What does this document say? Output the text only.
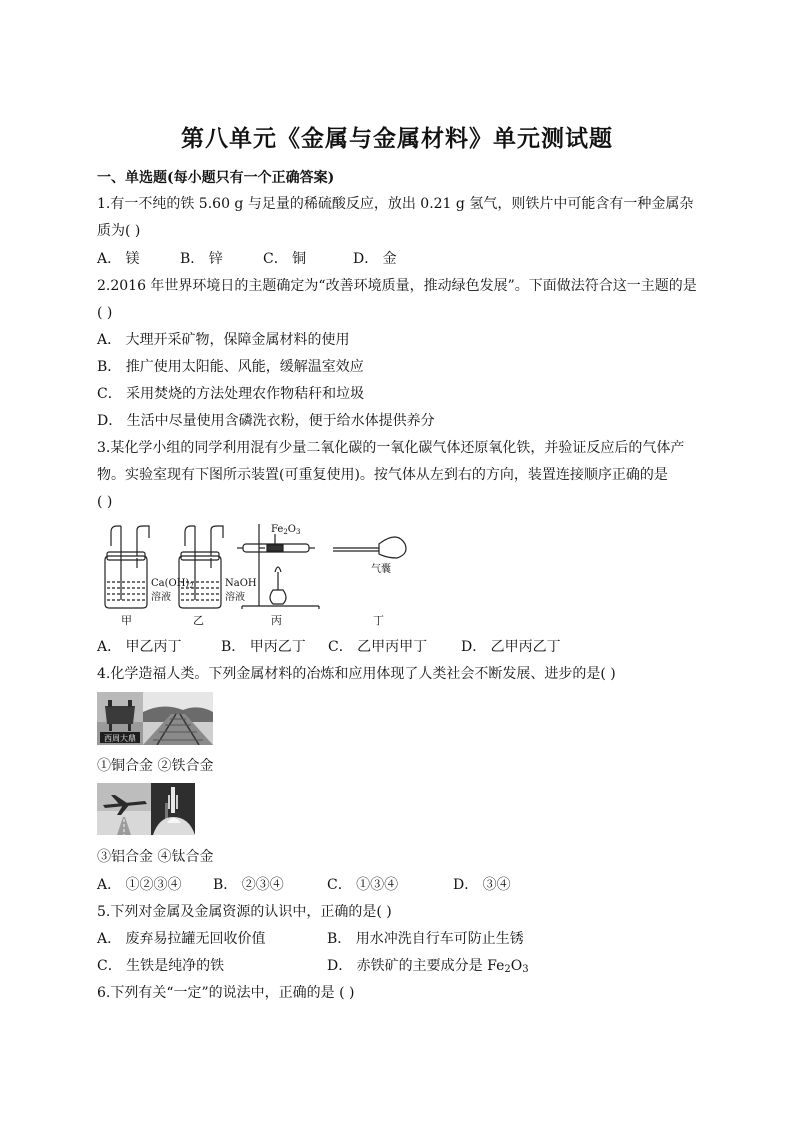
第八单元《金属与金属材料》单元测试题
一、单选题(每小题只有一个正确答案)
1.有一不纯的铁 5.60 g 与足量的稀硫酸反应，放出 0.21 g 氢气，则铁片中可能含有一种金属杂
质为( )
A． 镁	B． 锌	C． 铜	D． 金
2.2016 年世界环境日的主题确定为“改善环境质量，推动绿色发展”。下面做法符合这一主题的是
( )
A． 大理开采矿物，保障金属材料的使用
B． 推广使用太阳能、风能，缓解温室效应
C． 采用焚烧的方法处理农作物秸秆和垃圾
D． 生活中尽量使用含磷洗衣粉，便于给水体提供养分
3.某化学小组的同学利用混有少量二氧化碳的一氧化碳气体还原氧化铁，并验证反应后的气体产
物。实验室现有下图所示装置(可重复使用)。按气体从左到右的方向，装置连接顺序正确的是
( )
$Ca(OH)_2$
溶液
NaOH
溶液
$Fe_2O_3$
气囊
甲	乙	丙	丁
A． 甲乙丙丁	B． 甲丙乙丁 C． 乙甲丙甲丁 D． 乙甲丙乙丁
4.化学造福人类。下列金属材料的冶炼和应用体现了人类社会不断发展、进步的是( )
西周大鼎
①铜合金 ②铁合金
③铝合金 ④钛合金
A． ①②③④ B． ②③④	C． ①③④	D． ③④
5.下列对金属及金属资源的认识中，正确的是( )
A． 废弃易拉罐无回收价值	B． 用水冲洗自行车可防止生锈
C． 生铁是纯净的铁	D． 赤铁矿的主要成分是 $Fe_2O_3$
6.下列有关“一定”的说法中，正确的是 ( )
